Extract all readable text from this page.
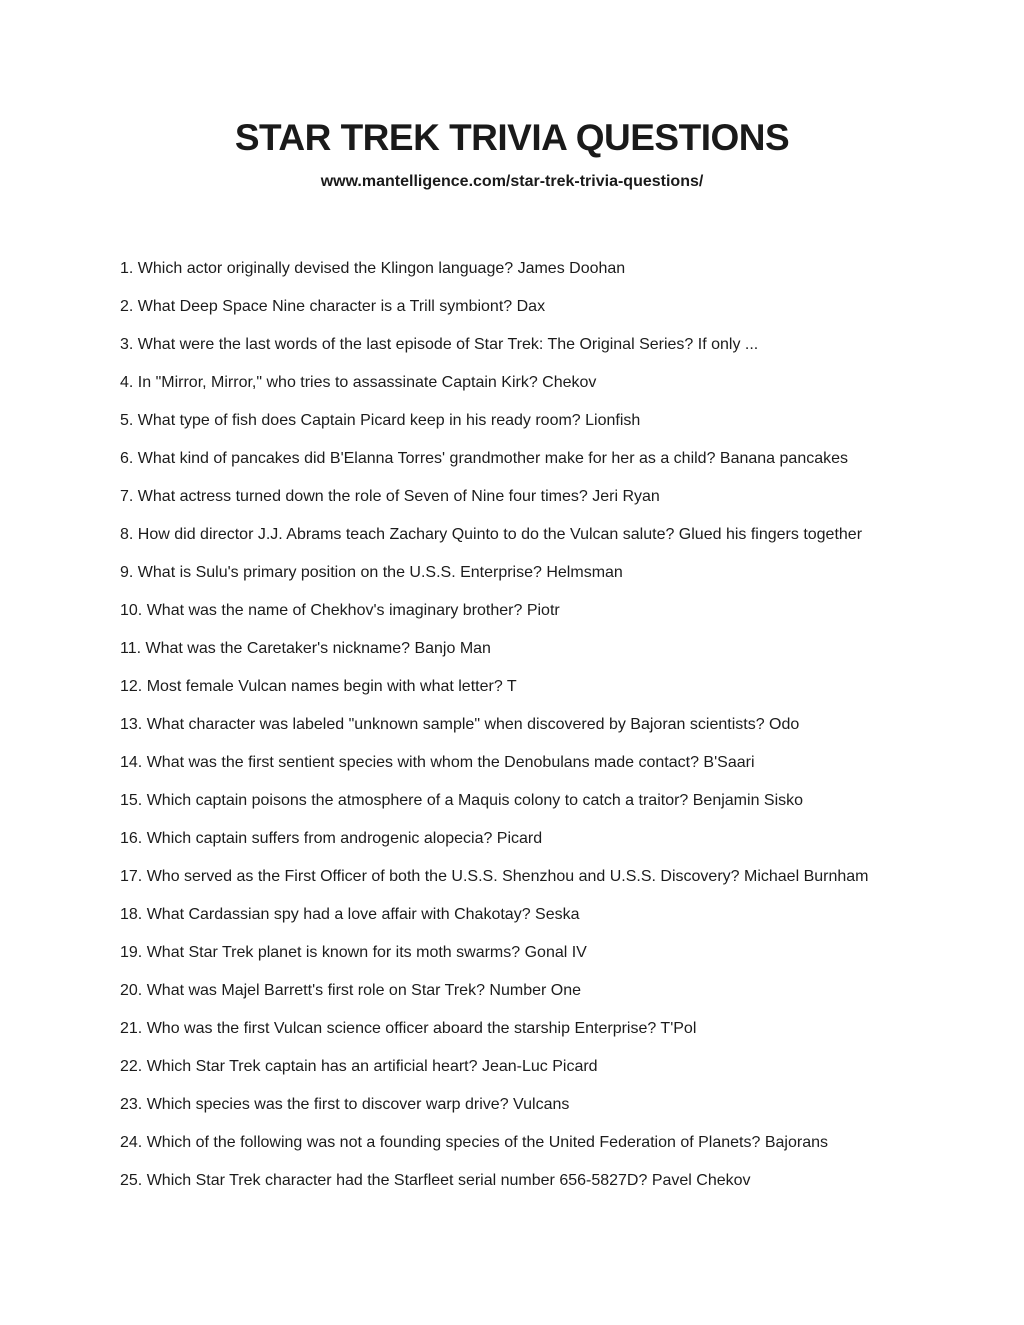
STAR TREK TRIVIA QUESTIONS
www.mantelligence.com/star-trek-trivia-questions/
1. Which actor originally devised the Klingon language? James Doohan
2. What Deep Space Nine character is a Trill symbiont? Dax
3. What were the last words of the last episode of Star Trek: The Original Series? If only ...
4. In "Mirror, Mirror," who tries to assassinate Captain Kirk? Chekov
5. What type of fish does Captain Picard keep in his ready room? Lionfish
6. What kind of pancakes did B'Elanna Torres' grandmother make for her as a child? Banana pancakes
7. What actress turned down the role of Seven of Nine four times? Jeri Ryan
8. How did director J.J. Abrams teach Zachary Quinto to do the Vulcan salute? Glued his fingers together
9. What is Sulu's primary position on the U.S.S. Enterprise? Helmsman
10. What was the name of Chekhov's imaginary brother? Piotr
11. What was the Caretaker's nickname? Banjo Man
12. Most female Vulcan names begin with what letter? T
13. What character was labeled "unknown sample" when discovered by Bajoran scientists? Odo
14. What was the first sentient species with whom the Denobulans made contact? B'Saari
15. Which captain poisons the atmosphere of a Maquis colony to catch a traitor? Benjamin Sisko
16. Which captain suffers from androgenic alopecia? Picard
17. Who served as the First Officer of both the U.S.S. Shenzhou and U.S.S. Discovery? Michael Burnham
18. What Cardassian spy had a love affair with Chakotay? Seska
19. What Star Trek planet is known for its moth swarms? Gonal IV
20. What was Majel Barrett's first role on Star Trek? Number One
21. Who was the first Vulcan science officer aboard the starship Enterprise? T'Pol
22. Which Star Trek captain has an artificial heart? Jean-Luc Picard
23. Which species was the first to discover warp drive? Vulcans
24. Which of the following was not a founding species of the United Federation of Planets? Bajorans
25. Which Star Trek character had the Starfleet serial number 656-5827D? Pavel Chekov
